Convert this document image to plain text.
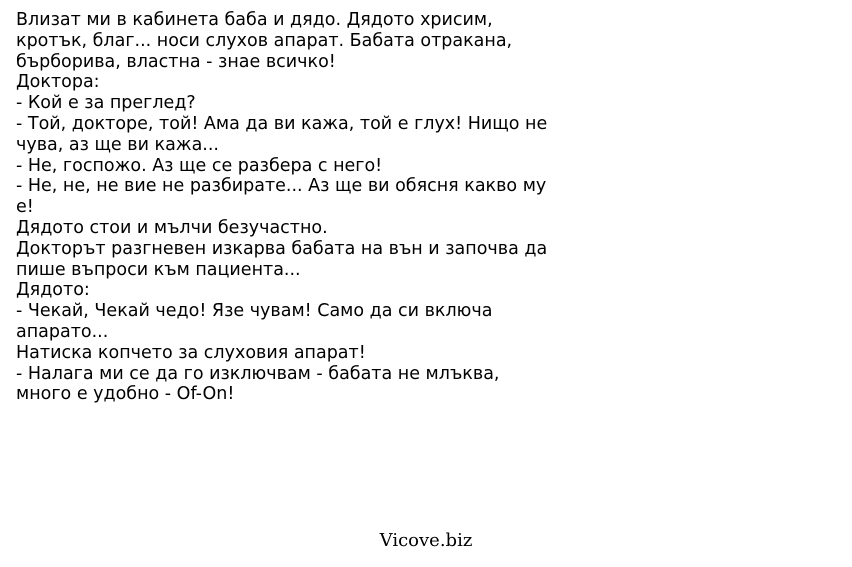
Влизат ми в кабинета баба и дядо. Дядото хрисим,
кротък, благ... носи слухов апарат. Бабата отракана,
бърборива, властна - знае всичко!
Доктора:
- Кой е за преглед?
- Той, докторе, той! Ама да ви кажа, той е глух! Нищо не
чува, аз ще ви кажа...
- Не, госпожо. Аз ще се разбера с него!
- Не, не, не вие не разбирате... Аз ще ви обясня какво му
е!
Дядото стои и мълчи безучастно.
Докторът разгневен изкарва бабата на вън и започва да
пише въпроси към пациента...
Дядото:
- Чекай, Чекай чедо! Язе чувам! Само да си включа
апарато...
Натиска копчето за слуховия апарат!
- Налага ми се да го изключвам - бабата не млъква,
много е удобно - Of-On!
Vicove.biz
